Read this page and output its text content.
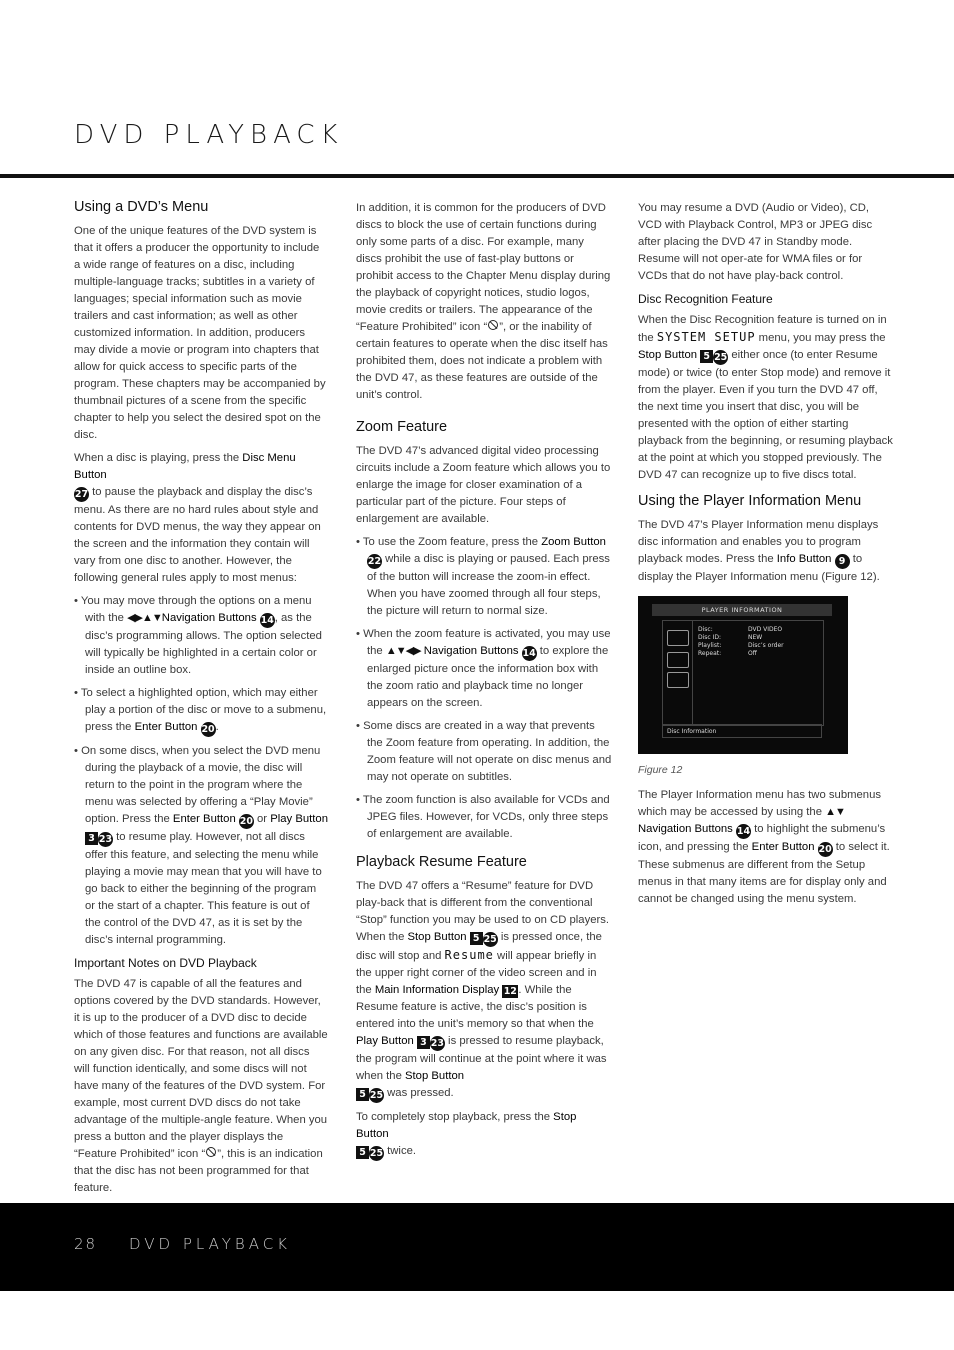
DVD PLAYBACK
Using a DVD’s Menu

One of the unique features of the DVD system is that it offers a producer the opportunity to include a wide range of features on a disc, including multiple-language tracks; subtitles in a variety of languages; special information such as movie trailers and cast information; as well as other customized information. In addition, producers may divide a movie or program into chapters that allow for quick access to specific parts of the program. These chapters may be accompanied by thumbnail pictures of a scene from the specific chapter to help you select the desired spot on the disc.

When a disc is playing, press the Disc Menu Button
27 to pause the playback and display the disc’s menu. As there are no hard rules about style and contents for DVD menus, the way they appear on the screen and the information they contain will vary from one disc to another. However, the following general rules apply to most menus:

• You may move through the options on a menu with the ◀▶▲▼Navigation Buttons 14, as the disc’s programming allows. The option selected will typically be highlighted in a certain color or inside an outline box.

• To select a highlighted option, which may either play a portion of the disc or move to a submenu, press the Enter Button 20.

• On some discs, when you select the DVD menu during the playback of a movie, the disc will return to the point in the program where the menu was selected by offering a “Play Movie” option. Press the Enter Button 20 or Play Button 3 23 to resume play. However, not all discs offer this feature, and selecting the menu while playing a movie may mean that you will have to go back to either the beginning of the program or the start of a chapter. This feature is out of the control of the DVD 47, as it is set by the disc’s internal programming.

Important Notes on DVD Playback

The DVD 47 is capable of all the features and options covered by the DVD standards. However, it is up to the producer of a DVD disc to decide which of those features and functions are available on any given disc. For that reason, not all discs will function identically, and some discs will not have many of the features of the DVD system. For example, most current DVD discs do not take advantage of the multiple-angle feature. When you press a button and the player displays the “Feature Prohibited” icon “ ”, this is an indication that the disc has not been programmed for that feature.

In addition, it is common for the producers of DVD discs to block the use of certain functions during only some parts of a disc. For example, many discs prohibit the use of fast-play buttons or prohibit access to the Chapter Menu display during the playback of copyright notices, studio logos, movie credits or trailers. The appearance of the “Feature Prohibited” icon “ ”, or the inability of certain features to operate when the disc itself has prohibited them, does not indicate a problem with the DVD 47, as these features are outside of the unit’s control.

Zoom Feature

The DVD 47’s advanced digital video processing circuits include a Zoom feature which allows you to enlarge the image for closer examination of a particular part of the picture. Four steps of enlargement are available.

• To use the Zoom feature, press the Zoom Button
22 while a disc is playing or paused. Each press of the button will increase the zoom-in effect. When you have zoomed through all four steps, the picture will return to normal size.

• When the zoom feature is activated, you may use the ▲▼◀▶ Navigation Buttons 14 to explore the enlarged picture once the information box with the zoom ratio and playback time no longer appears on the screen.

• Some discs are created in a way that prevents the Zoom feature from operating. In addition, the Zoom feature will not operate on disc menus and may not operate on subtitles.

• The zoom function is also available for VCDs and JPEG files. However, for VCDs, only three steps of enlargement are available.

Playback Resume Feature

The DVD 47 offers a “Resume” feature for DVD play-back that is different from the conventional “Stop” function you may be used to on CD players. When the Stop Button 5 25 is pressed once, the disc will stop and Resume will appear briefly in the upper right corner of the video screen and in the Main Information Display 12. While the Resume feature is active, the disc’s position is entered into the unit’s memory so that when the Play Button 3 23 is pressed to resume playback, the program will continue at the point where it was when the Stop Button
5 25 was pressed.

To completely stop playback, press the Stop Button
5 25 twice.

You may resume a DVD (Audio or Video), CD, VCD with Playback Control, MP3 or JPEG disc after placing the DVD 47 in Standby mode. Resume will not oper-ate for WMA files or for VCDs that do not have play-back control.

Disc Recognition Feature

When the Disc Recognition feature is turned on in the SYSTEM SETUP menu, you may press the Stop Button 5 25 either once (to enter Resume mode) or twice (to enter Stop mode) and remove it from the player. Even if you turn the DVD 47 off, the next time you insert that disc, you will be presented with the option of either starting playback from the beginning, or resuming playback at the point at which you stopped previously. The DVD 47 can recognize up to five discs total.

Using the Player Information Menu

The DVD 47’s Player Information menu displays disc information and enables you to program playback modes. Press the Info Button 9 to display the Player Information menu (Figure 12).

PLAYER INFORMATION
Disc:	DVD VIDEO
Disc ID:	NEW
Playlist:	Disc’s order
Repeat:	Off
Disc Information
Figure 12

The Player Information menu has two submenus which may be accessed by using the ▲▼ Navigation Buttons 14 to highlight the submenu’s icon, and pressing the Enter Button 20 to select it. These submenus are different from the Setup menus in that many items are for display only and cannot be changed using the menu system.

28 DVD PLAYBACK
